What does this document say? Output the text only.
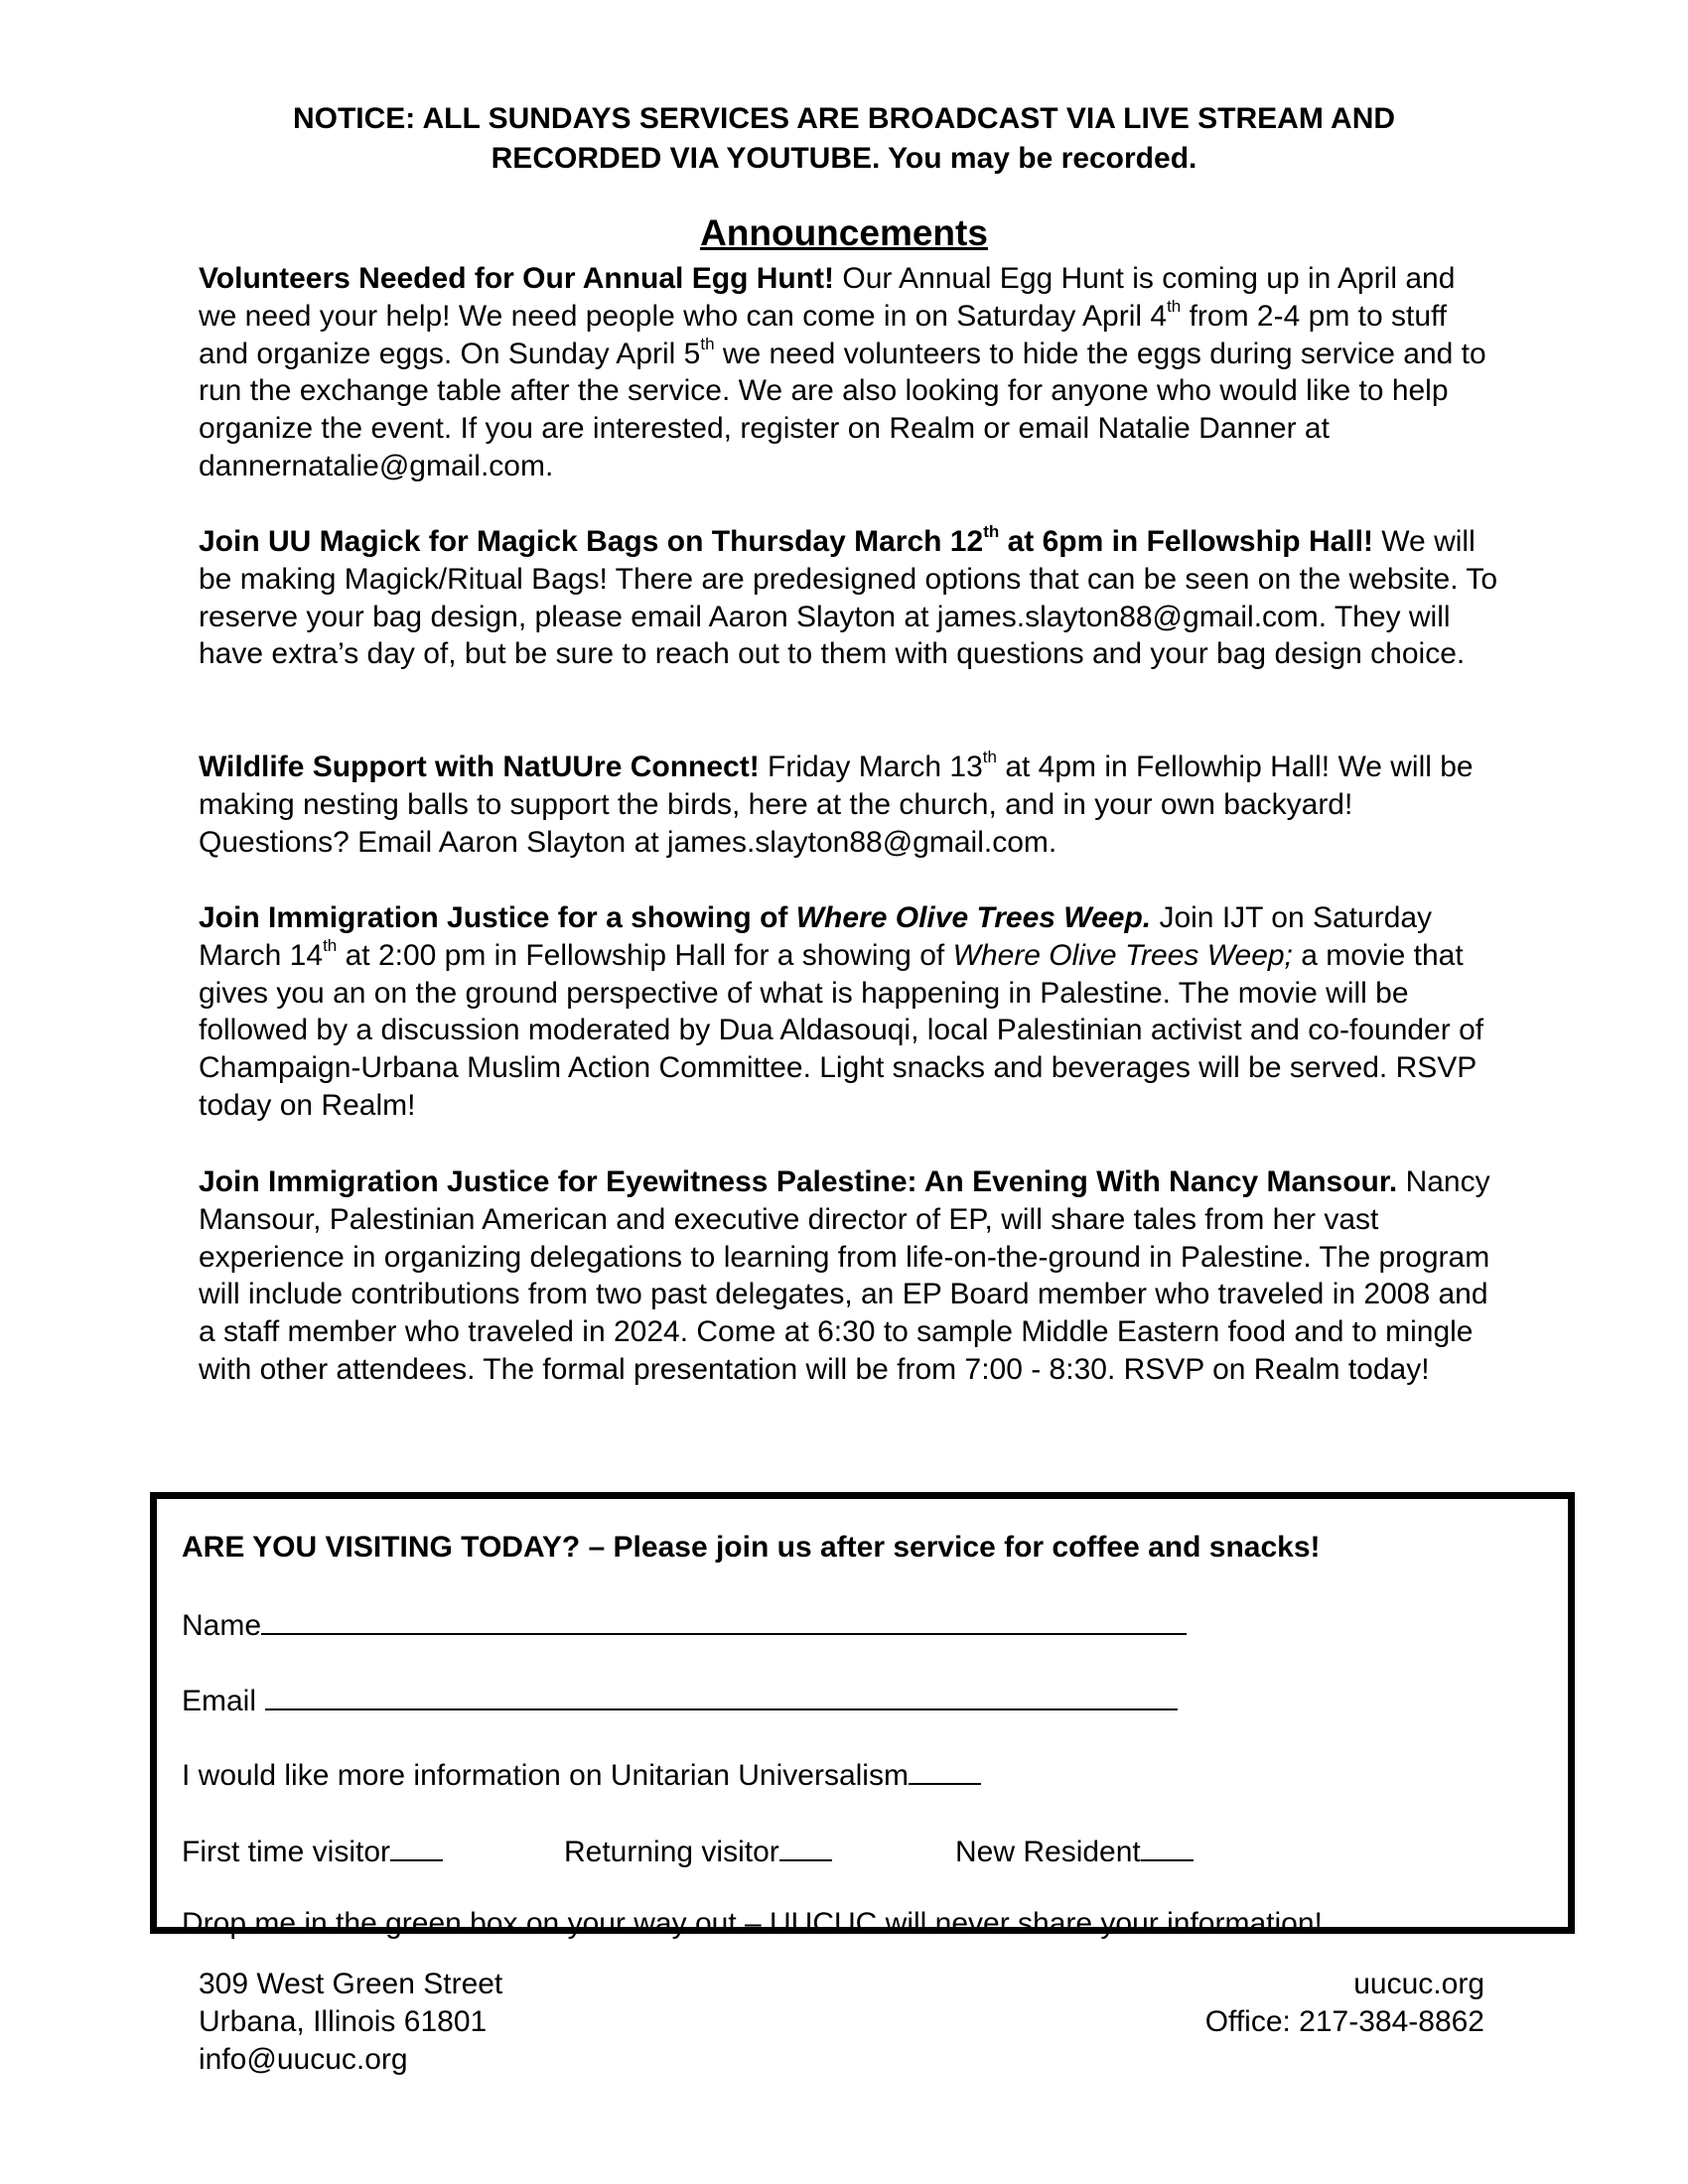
NOTICE: ALL SUNDAYS SERVICES ARE BROADCAST VIA LIVE STREAM AND
RECORDED VIA YOUTUBE. You may be recorded.
Announcements

Volunteers Needed for Our Annual Egg Hunt! Our Annual Egg Hunt is coming up in April and we need your help! We need people who can come in on Saturday April 4th from 2-4 pm to stuff and organize eggs. On Sunday April 5th we need volunteers to hide the eggs during service and to run the exchange table after the service. We are also looking for anyone who would like to help organize the event. If you are interested, register on Realm or email Natalie Danner at dannernatalie@gmail.com.

Join UU Magick for Magick Bags on Thursday March 12th at 6pm in Fellowship Hall! We will be making Magick/Ritual Bags! There are predesigned options that can be seen on the website. To reserve your bag design, please email Aaron Slayton at james.slayton88@gmail.com. They will have extra’s day of, but be sure to reach out to them with questions and your bag design choice.

Wildlife Support with NatUUre Connect! Friday March 13th at 4pm in Fellowhip Hall! We will be making nesting balls to support the birds, here at the church, and in your own backyard! Questions? Email Aaron Slayton at james.slayton88@gmail.com.

Join Immigration Justice for a showing of Where Olive Trees Weep. Join IJT on Saturday March 14th at 2:00 pm in Fellowship Hall for a showing of Where Olive Trees Weep; a movie that gives you an on the ground perspective of what is happening in Palestine. The movie will be followed by a discussion moderated by Dua Aldasouqi, local Palestinian activist and co-founder of Champaign-Urbana Muslim Action Committee. Light snacks and beverages will be served. RSVP today on Realm!

Join Immigration Justice for Eyewitness Palestine: An Evening With Nancy Mansour. Nancy Mansour, Palestinian American and executive director of EP, will share tales from her vast experience in organizing delegations to learning from life-on-the-ground in Palestine. The program will include contributions from two past delegates, an EP Board member who traveled in 2008 and a staff member who traveled in 2024. Come at 6:30 to sample Middle Eastern food and to mingle with other attendees. The formal presentation will be from 7:00 - 8:30. RSVP on Realm today!

ARE YOU VISITING TODAY? – Please join us after service for coffee and snacks!
Name
Email
I would like more information on Unitarian Universalism
First time visitor	Returning visitor	New Resident
Drop me in the green box on your way out – UUCUC will never share your information!
309 West Green Street
Urbana, Illinois 61801
info@uucuc.org
uucuc.org
Office: 217-384-8862
